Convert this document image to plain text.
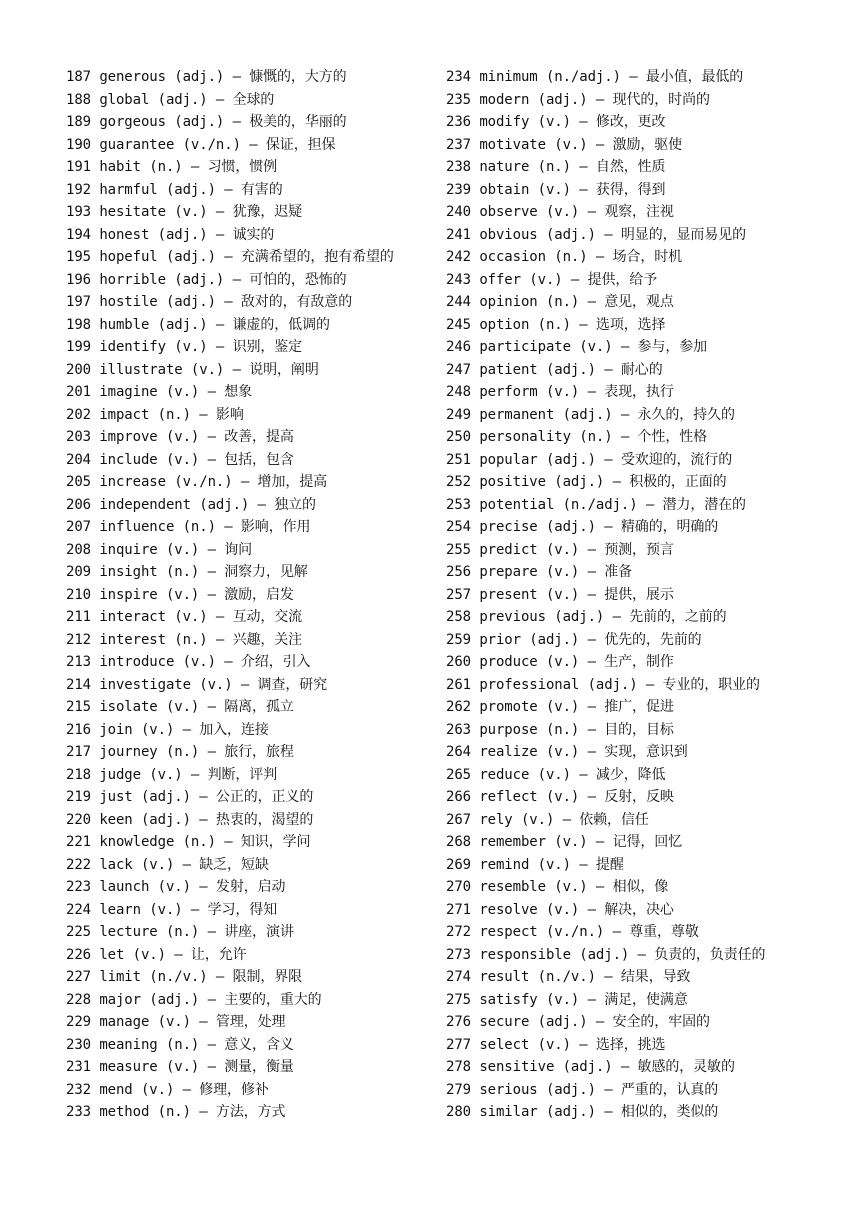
187 generous (adj.) — 慷慨的，大方的
188 global (adj.) — 全球的
189 gorgeous (adj.) — 极美的，华丽的
190 guarantee (v./n.) — 保证，担保
191 habit (n.) — 习惯，惯例
192 harmful (adj.) — 有害的
193 hesitate (v.) — 犹豫，迟疑
194 honest (adj.) — 诚实的
195 hopeful (adj.) — 充满希望的，抱有希望的
196 horrible (adj.) — 可怕的，恐怖的
197 hostile (adj.) — 敌对的，有敌意的
198 humble (adj.) — 谦虚的，低调的
199 identify (v.) — 识别，鉴定
200 illustrate (v.) — 说明，阐明
201 imagine (v.) — 想象
202 impact (n.) — 影响
203 improve (v.) — 改善，提高
204 include (v.) — 包括，包含
205 increase (v./n.) — 增加，提高
206 independent (adj.) — 独立的
207 influence (n.) — 影响，作用
208 inquire (v.) — 询问
209 insight (n.) — 洞察力，见解
210 inspire (v.) — 激励，启发
211 interact (v.) — 互动，交流
212 interest (n.) — 兴趣，关注
213 introduce (v.) — 介绍，引入
214 investigate (v.) — 调查，研究
215 isolate (v.) — 隔离，孤立
216 join (v.) — 加入，连接
217 journey (n.) — 旅行，旅程
218 judge (v.) — 判断，评判
219 just (adj.) — 公正的，正义的
220 keen (adj.) — 热衷的，渴望的
221 knowledge (n.) — 知识，学问
222 lack (v.) — 缺乏，短缺
223 launch (v.) — 发射，启动
224 learn (v.) — 学习，得知
225 lecture (n.) — 讲座，演讲
226 let (v.) — 让，允许
227 limit (n./v.) — 限制，界限
228 major (adj.) — 主要的，重大的
229 manage (v.) — 管理，处理
230 meaning (n.) — 意义，含义
231 measure (v.) — 测量，衡量
232 mend (v.) — 修理，修补
233 method (n.) — 方法，方式
234 minimum (n./adj.) — 最小值，最低的
235 modern (adj.) — 现代的，时尚的
236 modify (v.) — 修改，更改
237 motivate (v.) — 激励，驱使
238 nature (n.) — 自然，性质
239 obtain (v.) — 获得，得到
240 observe (v.) — 观察，注视
241 obvious (adj.) — 明显的，显而易见的
242 occasion (n.) — 场合，时机
243 offer (v.) — 提供，给予
244 opinion (n.) — 意见，观点
245 option (n.) — 选项，选择
246 participate (v.) — 参与，参加
247 patient (adj.) — 耐心的
248 perform (v.) — 表现，执行
249 permanent (adj.) — 永久的，持久的
250 personality (n.) — 个性，性格
251 popular (adj.) — 受欢迎的，流行的
252 positive (adj.) — 积极的，正面的
253 potential (n./adj.) — 潜力，潜在的
254 precise (adj.) — 精确的，明确的
255 predict (v.) — 预测，预言
256 prepare (v.) — 准备
257 present (v.) — 提供，展示
258 previous (adj.) — 先前的，之前的
259 prior (adj.) — 优先的，先前的
260 produce (v.) — 生产，制作
261 professional (adj.) — 专业的，职业的
262 promote (v.) — 推广，促进
263 purpose (n.) — 目的，目标
264 realize (v.) — 实现，意识到
265 reduce (v.) — 减少，降低
266 reflect (v.) — 反射，反映
267 rely (v.) — 依赖，信任
268 remember (v.) — 记得，回忆
269 remind (v.) — 提醒
270 resemble (v.) — 相似，像
271 resolve (v.) — 解决，决心
272 respect (v./n.) — 尊重，尊敬
273 responsible (adj.) — 负责的，负责任的
274 result (n./v.) — 结果，导致
275 satisfy (v.) — 满足，使满意
276 secure (adj.) — 安全的，牢固的
277 select (v.) — 选择，挑选
278 sensitive (adj.) — 敏感的，灵敏的
279 serious (adj.) — 严重的，认真的
280 similar (adj.) — 相似的，类似的
